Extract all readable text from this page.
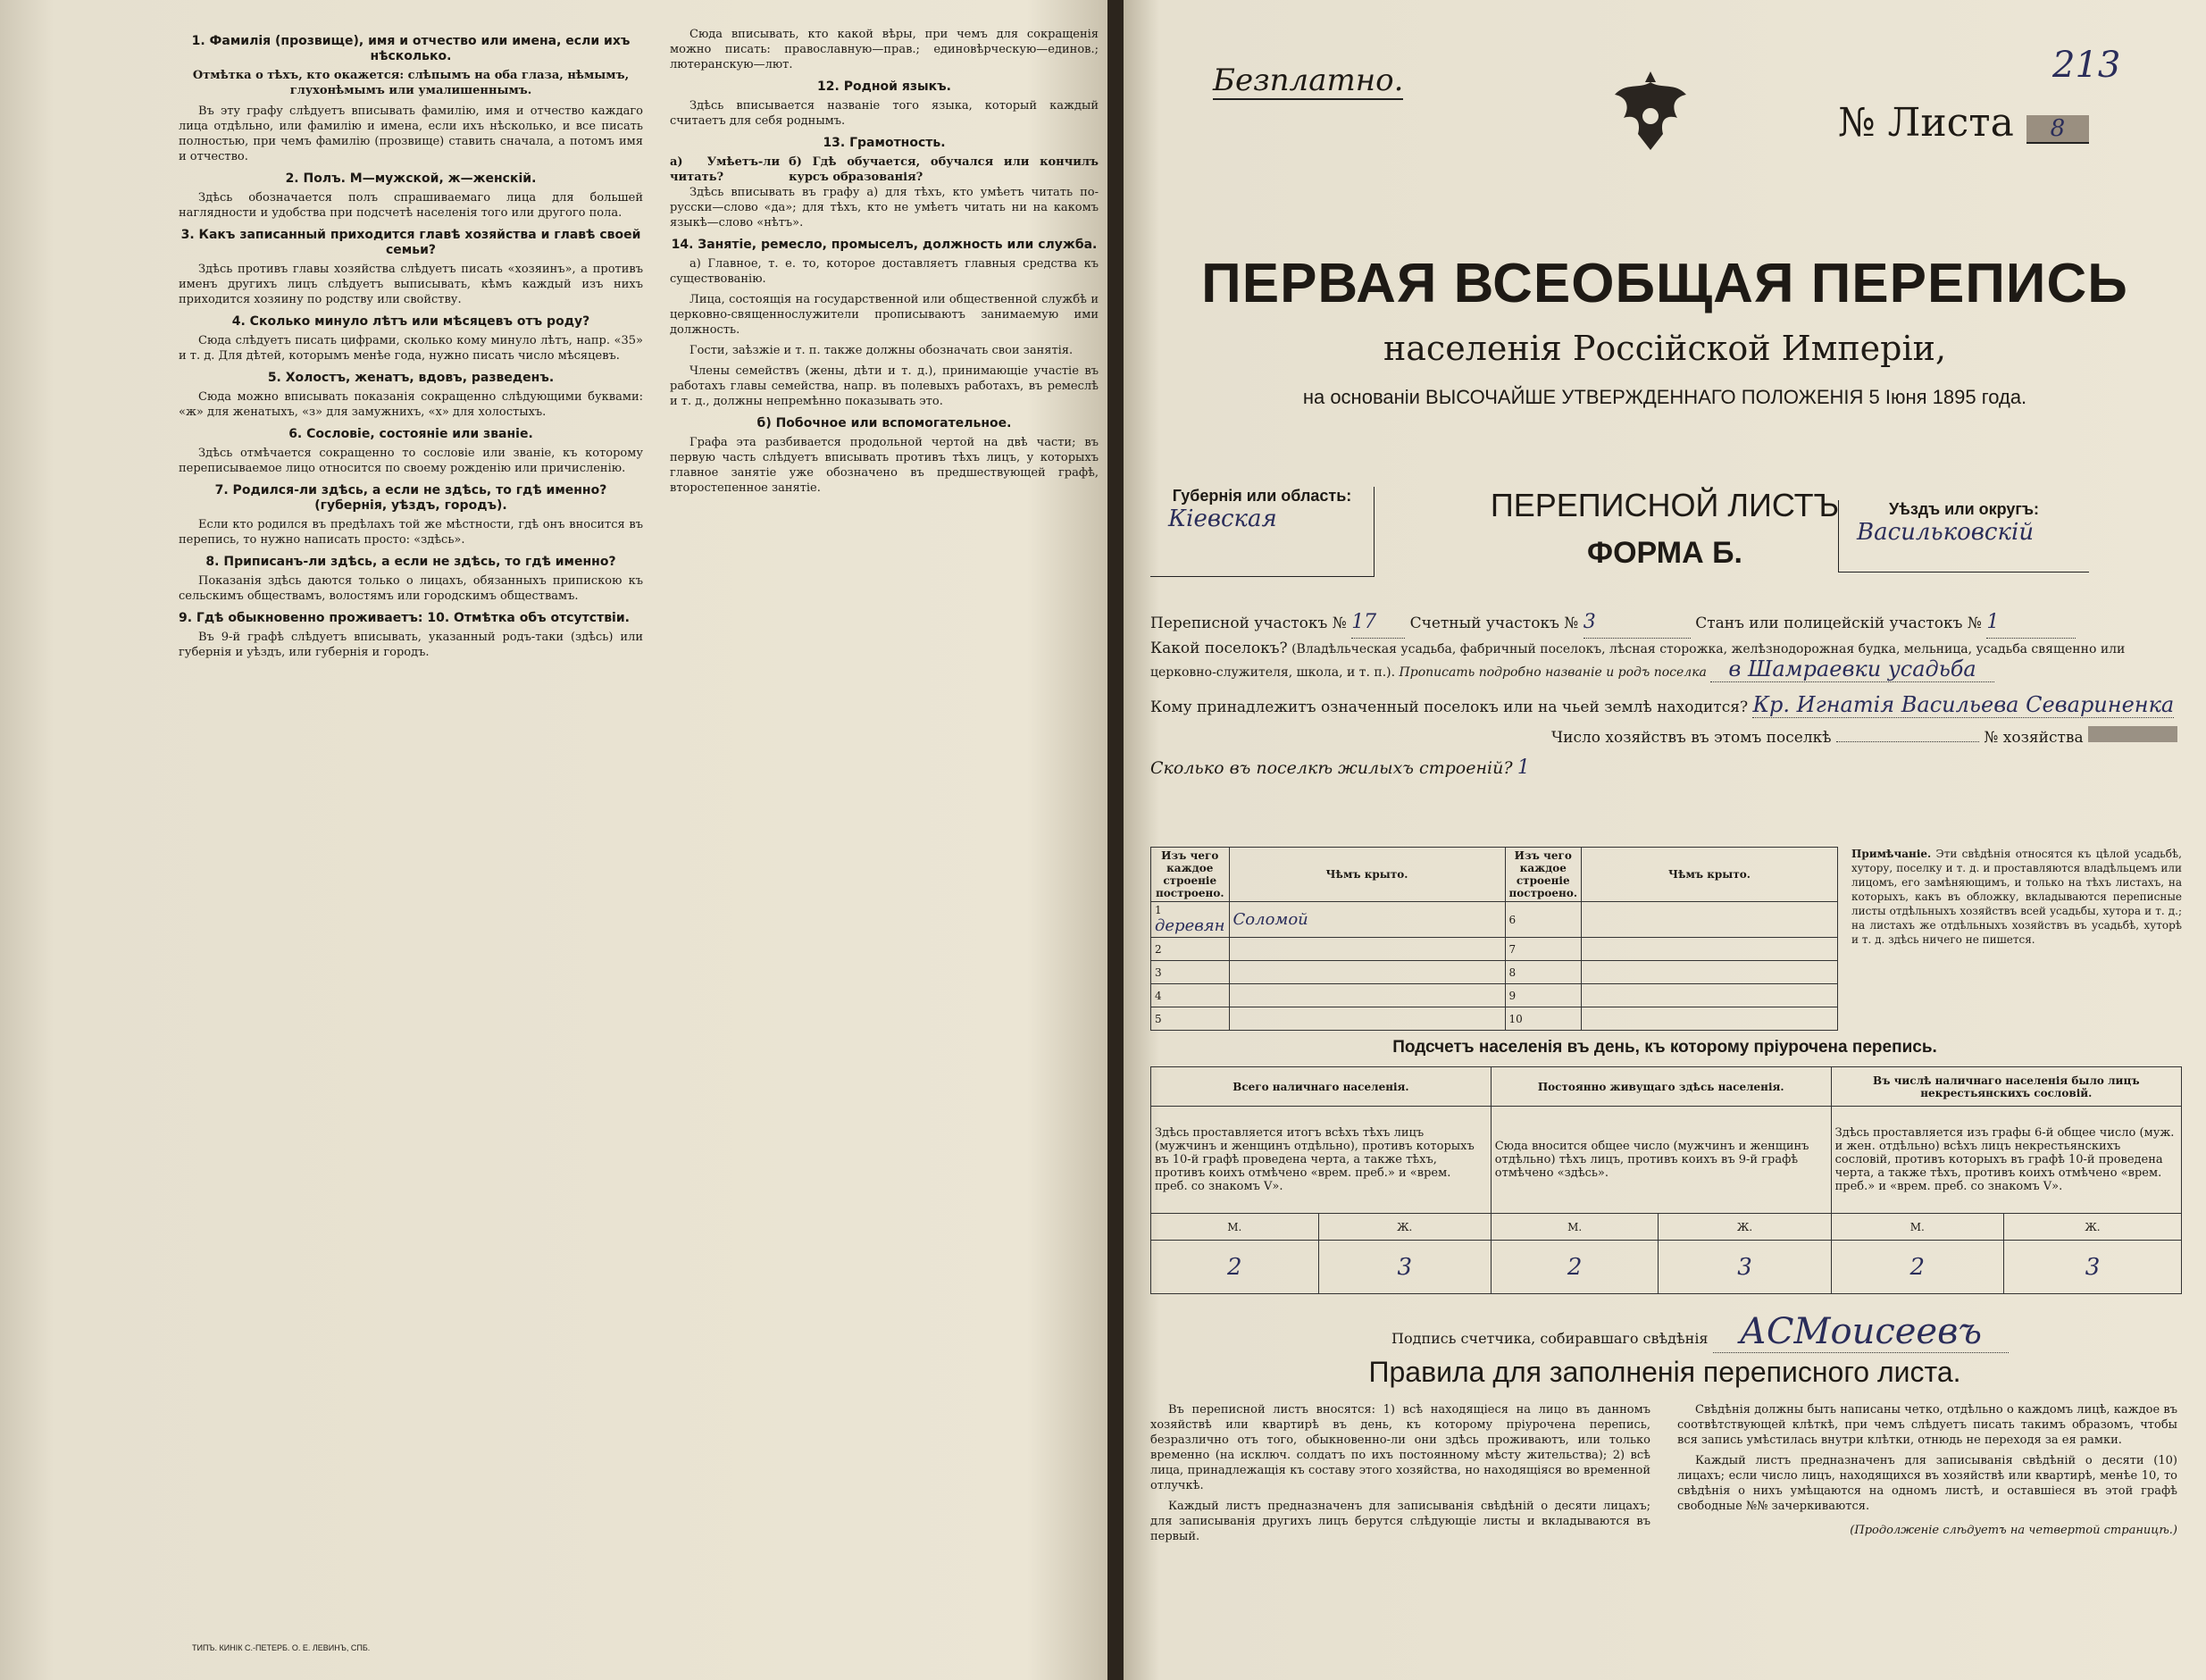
1. Фамилія (прозвище), имя и отчество или имена, если ихъ нѣсколько.

Отмѣтка о тѣхъ, кто окажется: слѣпымъ на оба глаза, нѣмымъ, глухонѣмымъ или умалишеннымъ.

Въ эту графу слѣдуетъ вписывать фамилію, имя и отчество каждаго лица отдѣльно, или фамилію и имена, если ихъ нѣсколько, и все писать полностью, при чемъ фамилію (прозвище) ставить сначала, а потомъ имя и отчество.

2. Полъ. М—мужской, ж—женскій.

Здѣсь обозначается полъ спрашиваемаго лица для большей наглядности и удобства при подсчетѣ населенія того или другого пола.

3. Какъ записанный приходится главѣ хозяйства и главѣ своей семьи?

Здѣсь противъ главы хозяйства слѣдуетъ писать «хозяинъ», а противъ именъ другихъ лицъ слѣдуетъ выписывать, кѣмъ каждый изъ нихъ приходится хозяину по родству или свойству.

4. Сколько минуло лѣтъ или мѣсяцевъ отъ роду?

Сюда слѣдуетъ писать цифрами, сколько кому минуло лѣтъ, напр. «35» и т. д. Для дѣтей, которымъ менѣе года, нужно писать число мѣсяцевъ.

5. Холостъ, женатъ, вдовъ, разведенъ.

Сюда можно вписывать показанія сокращенно слѣдующими буквами: «ж» для женатыхъ, «з» для замужнихъ, «х» для холостыхъ.

6. Сословіе, состояніе или званіе.

Здѣсь отмѣчается сокращенно то сословіе или званіе, къ которому переписываемое лицо относится по своему рожденію или причисленію.

7. Родился-ли здѣсь, а если не здѣсь, то гдѣ именно? (губернія, уѣздъ, городъ).

Если кто родился въ предѣлахъ той же мѣстности, гдѣ онъ вносится въ перепись, то нужно написать просто: «здѣсь».

8. Приписанъ-ли здѣсь, а если не здѣсь, то гдѣ именно?

Показанія здѣсь даются только о лицахъ, обязанныхъ припискою къ сельскимъ обществамъ, волостямъ или городскимъ обществамъ.

9. Гдѣ обыкновенно проживаетъ: 10. Отмѣтка объ отсутствіи.

Въ 9-й графѣ слѣдуетъ вписывать, указанный родъ-таки (здѣсь) или губернія и уѣздъ, или губернія и городъ.

ТИПЪ. КИНІК С.-ПЕТЕРБ. О. Е. ЛЕВИНЪ, СПБ.

Сюда вписывать, кто какой вѣры, при чемъ для сокращенія можно писать: православную—прав.; единовѣрческую—единов.; лютеранскую—лют.

12. Родной языкъ.

Здѣсь вписывается названіе того языка, который каждый считаетъ для себя роднымъ.

13. Грамотность.
а) Умѣетъ-ли читать?
б) Гдѣ обучается, обучался или кончилъ курсъ образованія?

Здѣсь вписывать въ графу а) для тѣхъ, кто умѣетъ читать по-русски—слово «да»; для тѣхъ, кто не умѣетъ читать ни на какомъ языкѣ—слово «нѣтъ».

14. Занятіе, ремесло, промыселъ, должность или служба.

а) Главное, т. е. то, которое доставляетъ главныя средства къ существованію.

Лица, состоящія на государственной или общественной службѣ и церковно-священнослужители прописываютъ занимаемую ими должность.

Гости, заѣзжіе и т. п. также должны обозначать свои занятія.

Члены семействъ (жены, дѣти и т. д.), принимающіе участіе въ работахъ главы семейства, напр. въ полевыхъ работахъ, въ ремеслѣ и т. д., должны непремѣнно показывать это.

б) Побочное или вспомогательное.

Графа эта разбивается продольной чертой на двѣ части; въ первую часть слѣдуетъ вписывать противъ тѣхъ лицъ, у которыхъ главное занятіе уже обозначено въ предшествующей графѣ, второстепенное занятіе.

Безплатно.	213
№ Листа 8
ПЕРВАЯ ВСЕОБЩАЯ ПЕРЕПИСЬ
населенія Россійской Имперіи,
на основаніи ВЫСОЧАЙШЕ УТВЕРЖДЕННАГО ПОЛОЖЕНІЯ 5 Іюня 1895 года.
Губернія или область:
Кiевская	ПЕРЕПИСНОЙ ЛИСТЪ
ФОРМА Б.
Уѣздъ или округъ:
Васильковскiй
Переписной участокъ № 17 Счетный участокъ № 3	Станъ или полицейскій участокъ № 1
Какой поселокъ? (Владѣльческая усадьба, фабричный поселокъ, лѣсная сторожка, желѣзнодорожная будка, мельница, усадьба священно или церковно-служителя, школа, и т. п.). Прописать подробно названіе и родъ поселка в Шамраевки усадьба
Кому принадлежитъ означенный поселокъ или на чьей землѣ находится? Кр. Игнатiя Васильева Севариненка
Число хозяйствъ въ этомъ поселкѣ	№ хозяйства
Сколько въ поселкѣ жилыхъ строеній? 1
Изъ чего каждое строеніе построено.	Чѣмъ крыто.	Изъ чего каждое строеніе построено.	Чѣмъ крыто.
1 деревян	Соломой	6	
2		7	
3		8	
4		9	
5		10	
Примѣчаніе. Эти свѣдѣнія относятся къ цѣлой усадьбѣ, хутору, поселку и т. д. и проставляются владѣльцемъ или лицомъ, его замѣняющимъ, и только на тѣхъ листахъ, на которыхъ, какъ въ обложку, вкладываются переписные листы отдѣльныхъ хозяйствъ всей усадьбы, хутора и т. д.; на листахъ же отдѣльныхъ хозяйствъ въ усадьбѣ, хуторѣ и т. д. здѣсь ничего не пишется.
Подсчетъ населенія въ день, къ которому пріурочена перепись.
Всего наличнаго населенія.		Постоянно живущаго здѣсь населенія.		Въ числѣ наличнаго населенія было лицъ некрестьянскихъ сословій.	
Здѣсь проставляется итогъ всѣхъ тѣхъ лицъ (мужчинъ и женщинъ отдѣльно), противъ которыхъ въ 10-й графѣ проведена черта, а также тѣхъ, противъ коихъ отмѣчено «врем. преб.» и «врем. преб. со знакомъ V».		Сюда вносится общее число (мужчинъ и женщинъ отдѣльно) тѣхъ лицъ, противъ коихъ въ 9-й графѣ отмѣчено «здѣсь».		Здѣсь проставляется изъ графы 6-й общее число (муж. и жен. отдѣльно) всѣхъ лицъ некрестьянскихъ сословій, противъ которыхъ въ графѣ 10-й проведена черта, а также тѣхъ, противъ коихъ отмѣчено «врем. преб.» и «врем. преб. со знакомъ V».	
М.	Ж.	М.	Ж.	М.	Ж.
2	3	2	3	2	3
Подпись счетчика, собиравшаго свѣдѣнія АСМоисеевъ
Правила для заполненія переписного листа.

Въ переписной листъ вносятся: 1) всѣ находящіеся на лицо въ данномъ хозяйствѣ или квартирѣ въ день, къ которому пріурочена перепись, безразлично отъ того, обыкновенно-ли они здѣсь проживаютъ, или только временно (на исключ. солдатъ по ихъ постоянному мѣсту жительства); 2) всѣ лица, принадлежащія къ составу этого хозяйства, но находящіяся во временной отлучкѣ.

Каждый листъ предназначенъ для записыванія свѣдѣній о десяти лицахъ; для записыванія другихъ лицъ берутся слѣдующіе листы и вкладываются въ первый.

Свѣдѣнія должны быть написаны четко, отдѣльно о каждомъ лицѣ, каждое въ соотвѣтствующей клѣткѣ, при чемъ слѣдуетъ писать такимъ образомъ, чтобы вся запись умѣстилась внутри клѣтки, отнюдь не переходя за ея рамки.

Каждый листъ предназначенъ для записыванія свѣдѣній о десяти (10) лицахъ; если число лицъ, находящихся въ хозяйствѣ или квартирѣ, менѣе 10, то свѣдѣнія о нихъ умѣщаются на одномъ листѣ, и оставшіеся въ этой графѣ свободные №№ зачеркиваются.

(Продолженіе слѣдуетъ на четвертой страницѣ.)
